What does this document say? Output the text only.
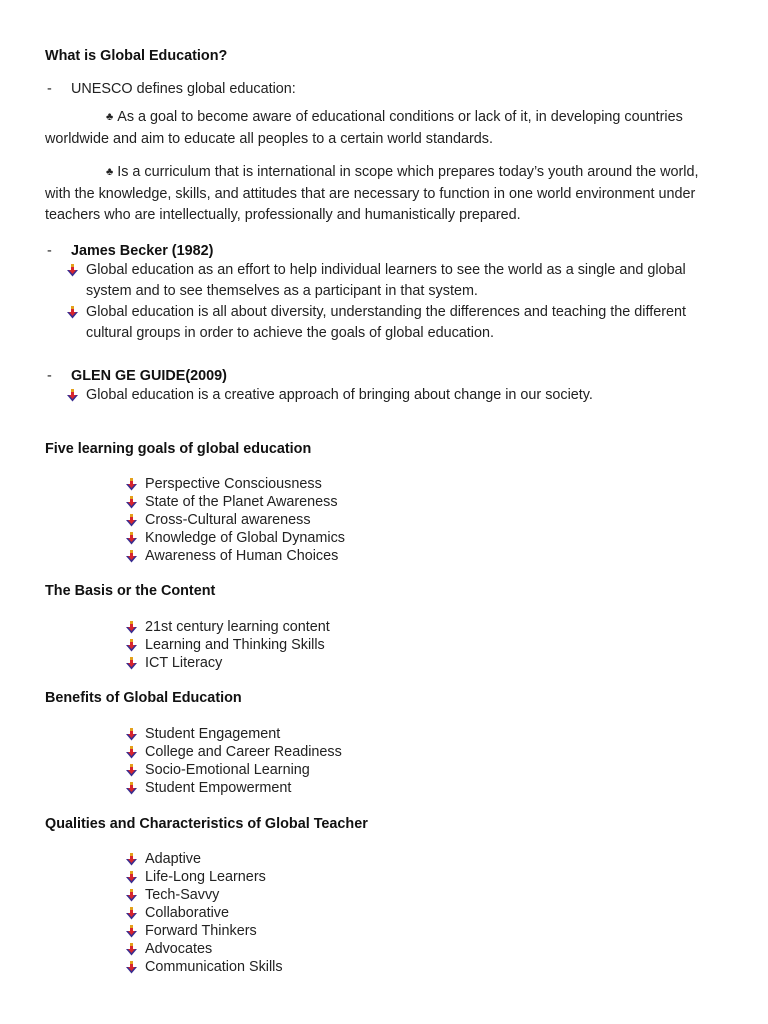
What is Global Education?

-	UNESCO defines global education:

♣ As a goal to become aware of educational conditions or lack of it, in developing countries worldwide and aim to educate all peoples to a certain world standards.

♣ Is a curriculum that is international in scope which prepares today’s youth around the world, with the knowledge, skills, and attitudes that are necessary to function in one world environment under teachers who are intellectually, professionally and humanistically prepared.

-	James Becker (1982)
Global education as an effort to help individual learners to see the world as a single and global system and to see themselves as a participant in that system.
Global education is all about diversity, understanding the differences and teaching the different cultural groups in order to achieve the goals of global education.
-	GLEN GE GUIDE(2009)
Global education is a creative approach of bringing about change in our society.

Five learning goals of global education

Perspective Consciousness
State of the Planet Awareness
Cross-Cultural awareness
Knowledge of Global Dynamics
Awareness of Human Choices

The Basis or the Content

21st century learning content
Learning and Thinking Skills
ICT Literacy

Benefits of Global Education

Student Engagement
College and Career Readiness
Socio-Emotional Learning
Student Empowerment

Qualities and Characteristics of Global Teacher

Adaptive
Life-Long Learners
Tech-Savvy
Collaborative
Forward Thinkers
Advocates
Communication Skills
